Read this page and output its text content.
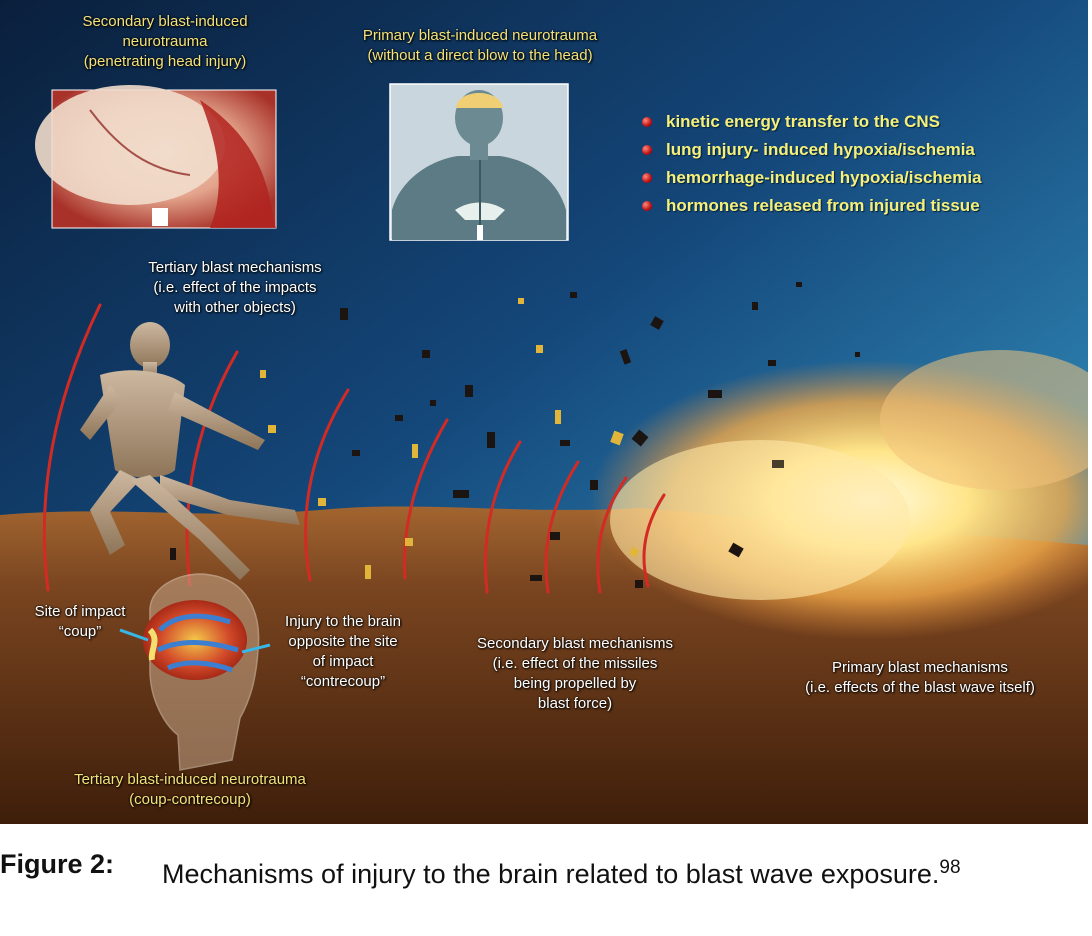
Secondary blast-induced
neurotrauma
(penetrating head injury)
Primary blast-induced neurotrauma
(without a direct blow to the head)
kinetic energy transfer to the CNS
lung injury- induced hypoxia/ischemia
hemorrhage-induced hypoxia/ischemia
hormones released from injured tissue
Tertiary blast mechanisms
(i.e. effect of the impacts
with other objects)
Site of impact
“coup”
Injury to the brain
opposite the site
of impact
“contrecoup”
Secondary blast mechanisms
(i.e. effect of the missiles
being propelled by
blast force)
Primary blast mechanisms
(i.e. effects of the blast wave itself)
Tertiary blast-induced neurotrauma
(coup-contrecoup)
Figure 2: Mechanisms of injury to the brain related to blast wave exposure.$^{98}$
